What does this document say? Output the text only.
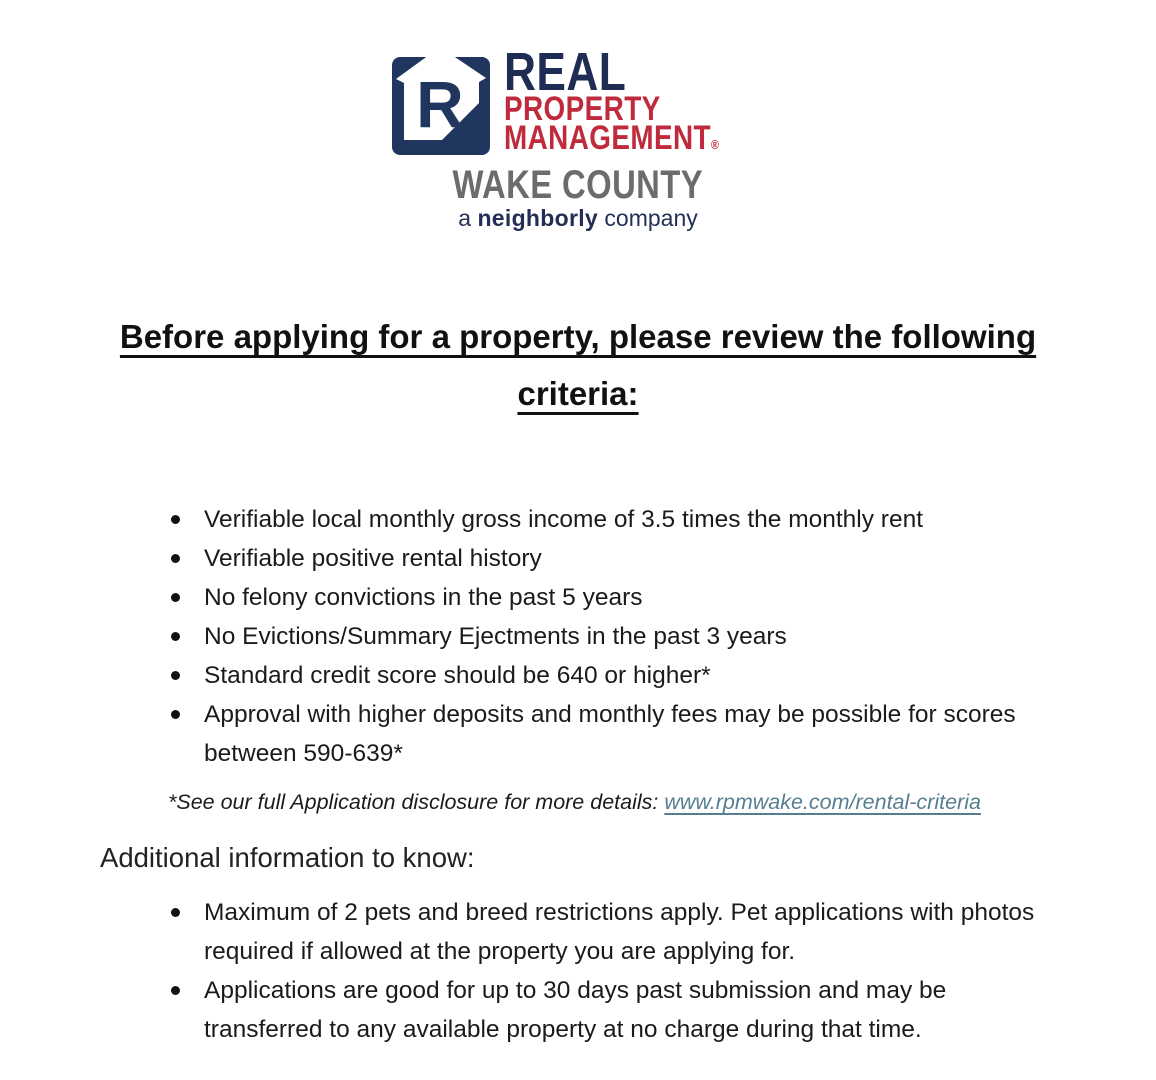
R REAL
PROPERTY
MANAGEMENT®
WAKE COUNTY
a neighborly company
Before applying for a property, please review the following criteria:
Verifiable local monthly gross income of 3.5 times the monthly rent
Verifiable positive rental history
No felony convictions in the past 5 years
No Evictions/Summary Ejectments in the past 3 years
Standard credit score should be 640 or higher*
Approval with higher deposits and monthly fees may be possible for scores between 590-639*

*See our full Application disclosure for more details: www.rpmwake.com/rental-criteria

Additional information to know:
Maximum of 2 pets and breed restrictions apply. Pet applications with photos required if allowed at the property you are applying for.
Applications are good for up to 30 days past submission and may be transferred to any available property at no charge during that time.
